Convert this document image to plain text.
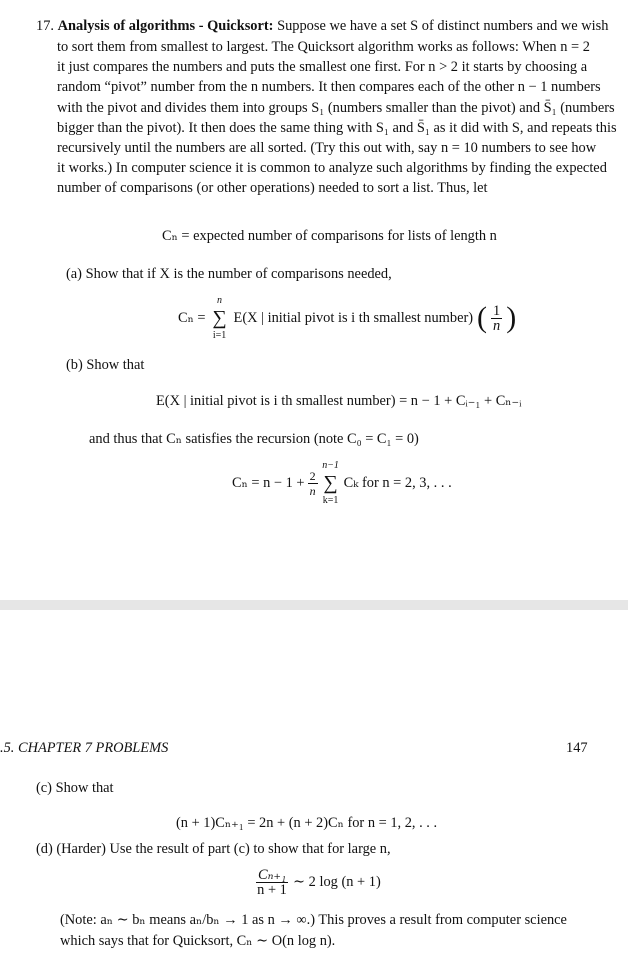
17. Analysis of algorithms - Quicksort: Suppose we have a set S of distinct numbers and we wish
to sort them from smallest to largest. The Quicksort algorithm works as follows: When n = 2
it just compares the numbers and puts the smallest one first. For n > 2 it starts by choosing a
random “pivot” number from the n numbers. It then compares each of the other n − 1 numbers
with the pivot and divides them into groups S₁ (numbers smaller than the pivot) and S̄₁ (numbers
bigger than the pivot). It then does the same thing with S₁ and S̄₁ as it did with S, and repeats this
recursively until the numbers are all sorted. (Try this out with, say n = 10 numbers to see how
it works.) In computer science it is common to analyze such algorithms by finding the expected
number of comparisons (or other operations) needed to sort a list. Thus, let
Cₙ = expected number of comparisons for lists of length n
(a) Show that if X is the number of comparisons needed,
Cₙ =
n
∑
i=1
E(X | initial pivot is i th smallest number) ( $\frac{1}{n}$ )
(b) Show that
E(X | initial pivot is i th smallest number) = n − 1 + Cᵢ₋₁ + Cₙ₋ᵢ
and thus that Cₙ satisfies the recursion (note C₀ = C₁ = 0)
$C_n = n - 1 + \frac{2}{n}$
n−1
∑
k=1
Cₖ for n = 2, 3, . . .
.5. CHAPTER 7 PROBLEMS	147
(c) Show that
(n + 1)Cₙ₊₁ = 2n + (n + 2)Cₙ for n = 1, 2, . . .
(d) (Harder) Use the result of part (c) to show that for large n,
$\frac{\text{Cₙ₊₁}}{n + 1}$ ∼ 2 log (n + 1)
(Note: aₙ ∼ bₙ means aₙ/bₙ → 1 as n → ∞.) This proves a result from computer science
which says that for Quicksort, Cₙ ∼ O(n log n).
